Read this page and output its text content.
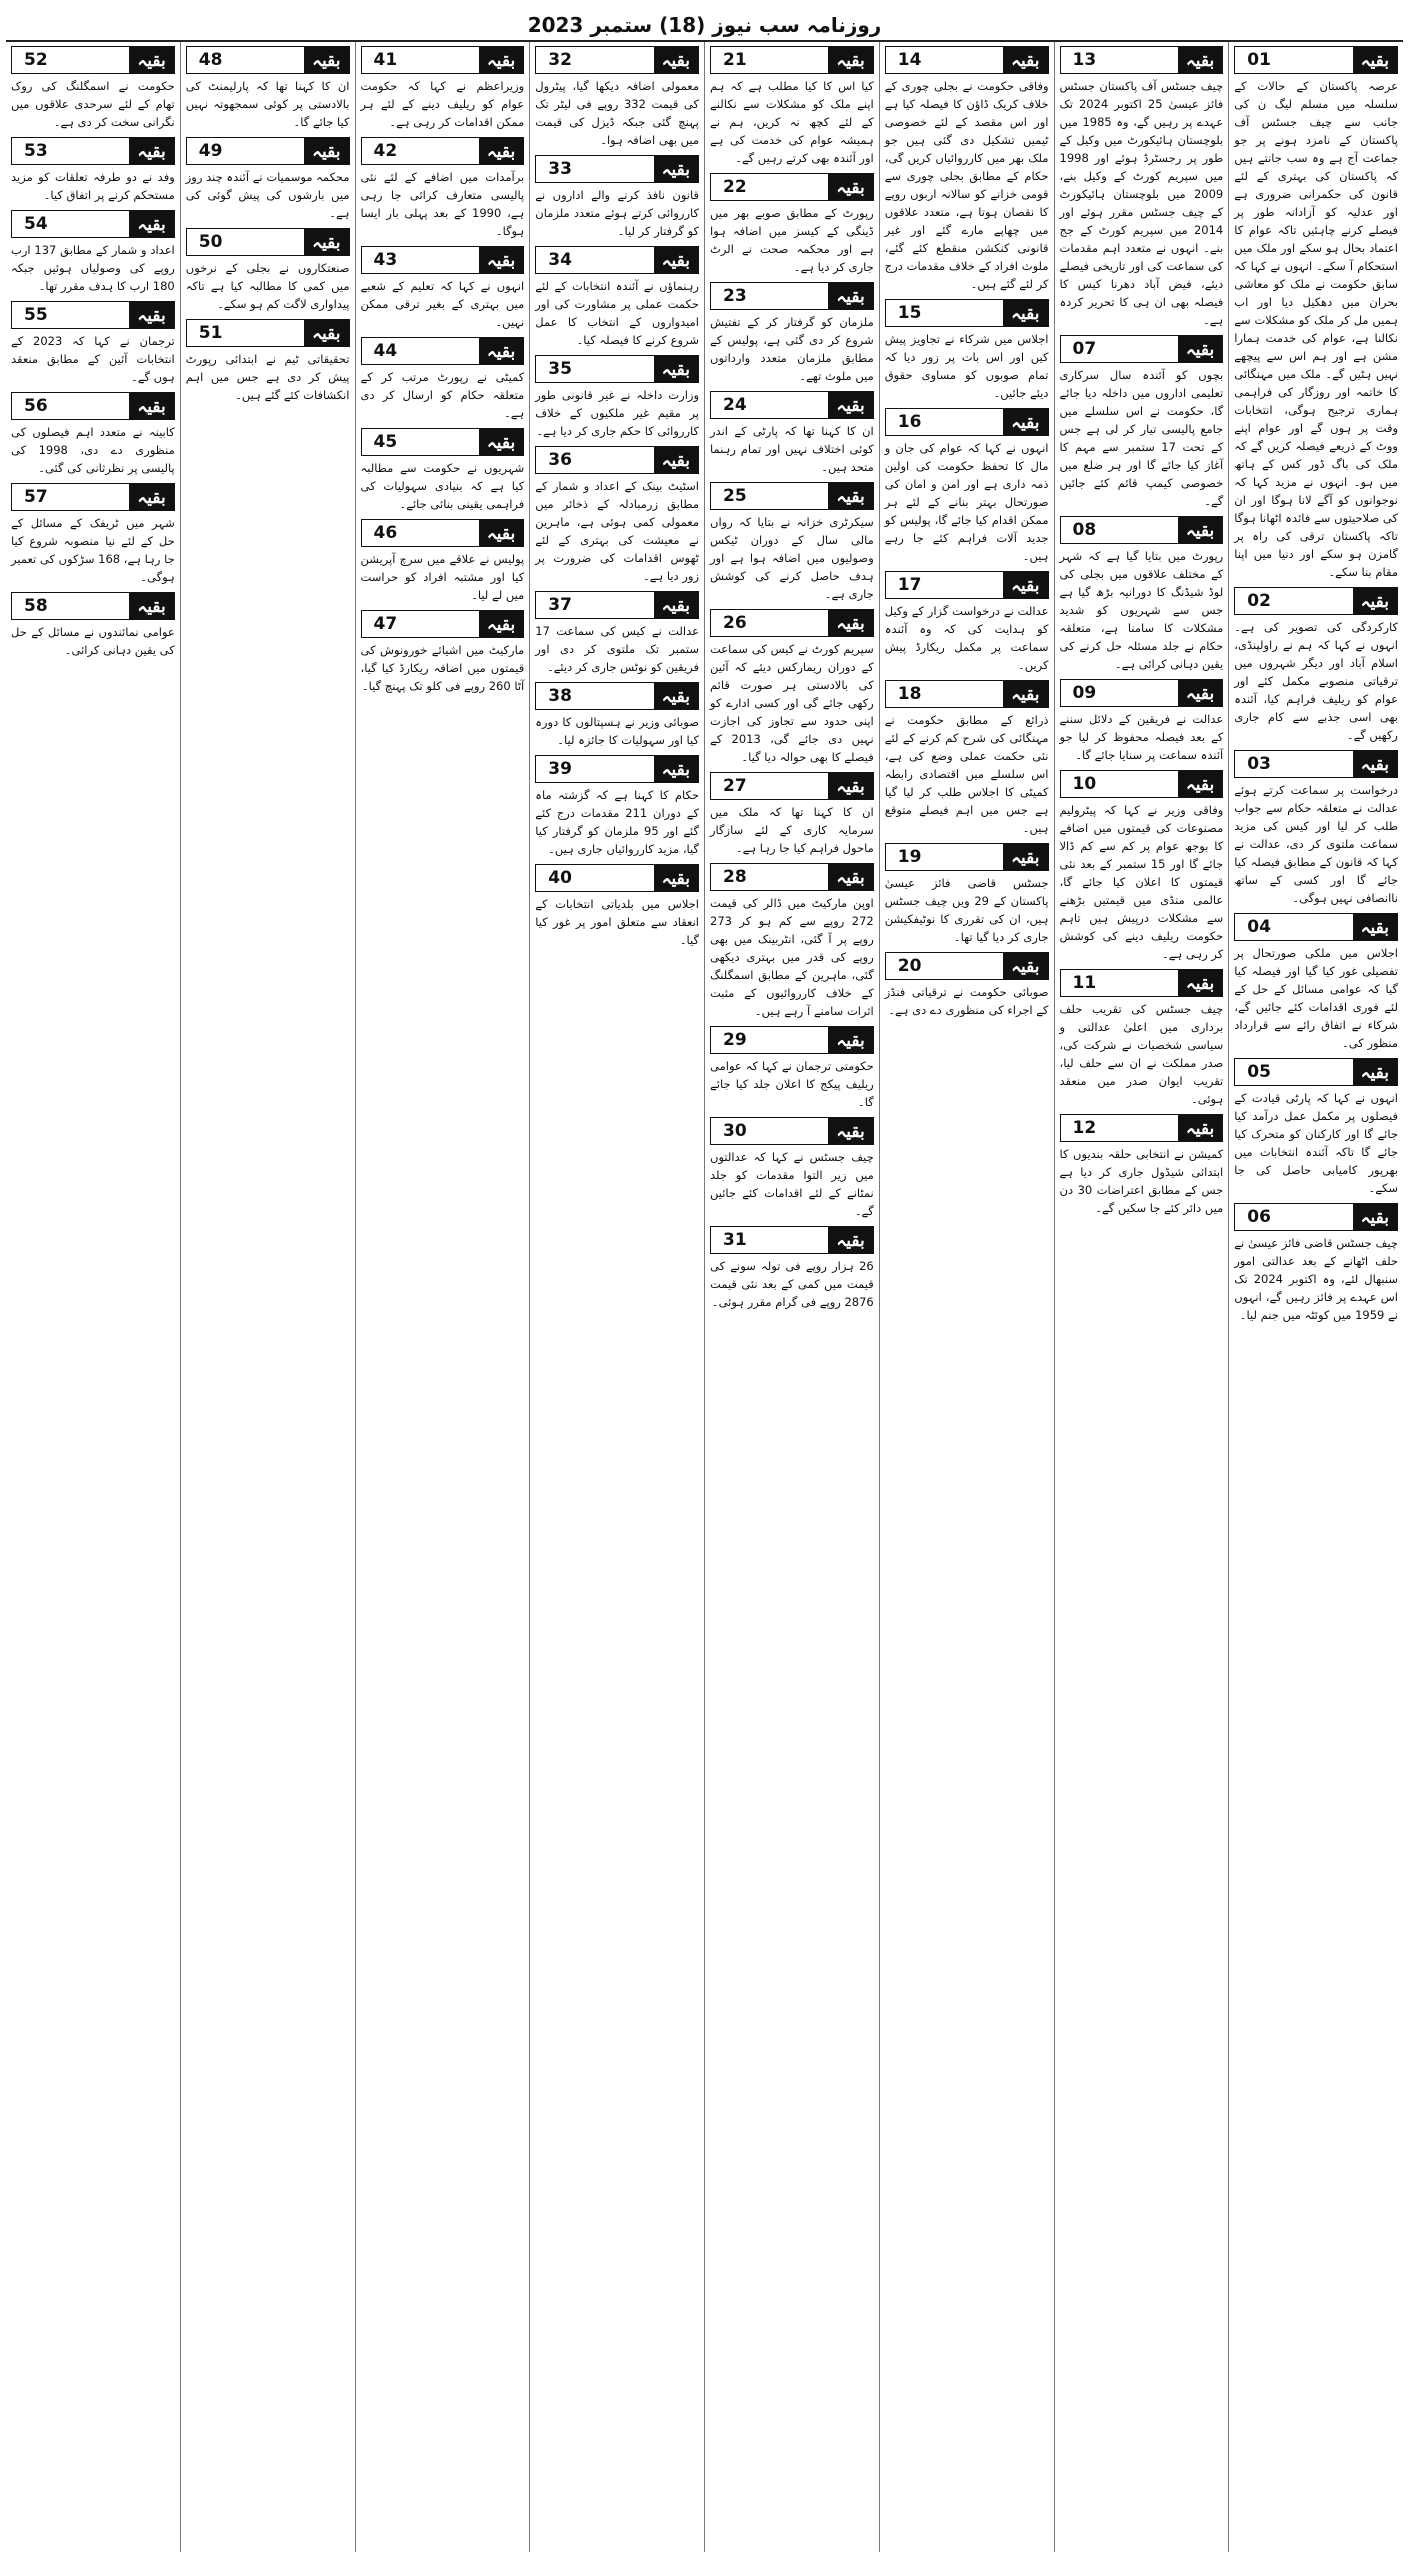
روزنامہ سب نیوز (18) ستمبر 2023
بقیہ
01
عرصہ پاکستان کے حالات کے سلسلہ میں مسلم لیگ ن کی جانب سے چیف جسٹس آف پاکستان کے نامزد ہونے پر جو جماعت آج ہے وہ سب جانتے ہیں کہ پاکستان کی بہتری کے لئے قانون کی حکمرانی ضروری ہے اور عدلیہ کو آزادانہ طور پر فیصلے کرنے چاہئیں تاکہ عوام کا اعتماد بحال ہو سکے اور ملک میں استحکام آ سکے۔ انہوں نے کہا کہ سابق حکومت نے ملک کو معاشی بحران میں دھکیل دیا اور اب ہمیں مل کر ملک کو مشکلات سے نکالنا ہے، عوام کی خدمت ہمارا مشن ہے اور ہم اس سے پیچھے نہیں ہٹیں گے۔ ملک میں مہنگائی کا خاتمہ اور روزگار کی فراہمی ہماری ترجیح ہوگی، انتخابات وقت پر ہوں گے اور عوام اپنے ووٹ کے ذریعے فیصلہ کریں گے کہ ملک کی باگ ڈور کس کے ہاتھ میں ہو۔ انہوں نے مزید کہا کہ نوجوانوں کو آگے لانا ہوگا اور ان کی صلاحیتوں سے فائدہ اٹھانا ہوگا تاکہ پاکستان ترقی کی راہ پر گامزن ہو سکے اور دنیا میں اپنا مقام بنا سکے۔
بقیہ
02
کارکردگی کی تصویر کی ہے۔ انہوں نے کہا کہ ہم نے راولپنڈی، اسلام آباد اور دیگر شہروں میں ترقیاتی منصوبے مکمل کئے اور عوام کو ریلیف فراہم کیا، آئندہ بھی اسی جذبے سے کام جاری رکھیں گے۔
بقیہ
03
درخواست پر سماعت کرتے ہوئے عدالت نے متعلقہ حکام سے جواب طلب کر لیا اور کیس کی مزید سماعت ملتوی کر دی، عدالت نے کہا کہ قانون کے مطابق فیصلہ کیا جائے گا اور کسی کے ساتھ ناانصافی نہیں ہوگی۔
بقیہ
04
اجلاس میں ملکی صورتحال پر تفصیلی غور کیا گیا اور فیصلہ کیا گیا کہ عوامی مسائل کے حل کے لئے فوری اقدامات کئے جائیں گے، شرکاء نے اتفاق رائے سے قرارداد منظور کی۔
بقیہ
05
انہوں نے کہا کہ پارٹی قیادت کے فیصلوں پر مکمل عمل درآمد کیا جائے گا اور کارکنان کو متحرک کیا جائے گا تاکہ آئندہ انتخابات میں بھرپور کامیابی حاصل کی جا سکے۔
بقیہ
06
چیف جسٹس قاضی فائز عیسیٰ نے حلف اٹھانے کے بعد عدالتی امور سنبھال لئے، وہ اکتوبر 2024 تک اس عہدے پر فائز رہیں گے، انہوں نے 1959 میں کوئٹہ میں جنم لیا۔
بقیہ
13
چیف جسٹس آف پاکستان جسٹس فائز عیسیٰ 25 اکتوبر 2024 تک عہدے پر رہیں گے، وہ 1985 میں بلوچستان ہائیکورٹ میں وکیل کے طور پر رجسٹرڈ ہوئے اور 1998 میں سپریم کورٹ کے وکیل بنے، 2009 میں بلوچستان ہائیکورٹ کے چیف جسٹس مقرر ہوئے اور 2014 میں سپریم کورٹ کے جج بنے۔ انہوں نے متعدد اہم مقدمات کی سماعت کی اور تاریخی فیصلے دیئے، فیض آباد دھرنا کیس کا فیصلہ بھی ان ہی کا تحریر کردہ ہے۔
بقیہ
07
بچوں کو آئندہ سال سرکاری تعلیمی اداروں میں داخلہ دیا جائے گا، حکومت نے اس سلسلے میں جامع پالیسی تیار کر لی ہے جس کے تحت 17 ستمبر سے مہم کا آغاز کیا جائے گا اور ہر ضلع میں خصوصی کیمپ قائم کئے جائیں گے۔
بقیہ
08
رپورٹ میں بتایا گیا ہے کہ شہر کے مختلف علاقوں میں بجلی کی لوڈ شیڈنگ کا دورانیہ بڑھ گیا ہے جس سے شہریوں کو شدید مشکلات کا سامنا ہے، متعلقہ حکام نے جلد مسئلہ حل کرنے کی یقین دہانی کرائی ہے۔
بقیہ
09
عدالت نے فریقین کے دلائل سننے کے بعد فیصلہ محفوظ کر لیا جو آئندہ سماعت پر سنایا جائے گا۔
بقیہ
10
وفاقی وزیر نے کہا کہ پیٹرولیم مصنوعات کی قیمتوں میں اضافے کا بوجھ عوام پر کم سے کم ڈالا جائے گا اور 15 ستمبر کے بعد نئی قیمتوں کا اعلان کیا جائے گا، عالمی منڈی میں قیمتیں بڑھنے سے مشکلات درپیش ہیں تاہم حکومت ریلیف دینے کی کوشش کر رہی ہے۔
بقیہ
11
چیف جسٹس کی تقریب حلف برداری میں اعلیٰ عدالتی و سیاسی شخصیات نے شرکت کی، صدر مملکت نے ان سے حلف لیا، تقریب ایوان صدر میں منعقد ہوئی۔
بقیہ
12
کمیشن نے انتخابی حلقہ بندیوں کا ابتدائی شیڈول جاری کر دیا ہے جس کے مطابق اعتراضات 30 دن میں دائر کئے جا سکیں گے۔
بقیہ
14
وفاقی حکومت نے بجلی چوری کے خلاف کریک ڈاؤن کا فیصلہ کیا ہے اور اس مقصد کے لئے خصوصی ٹیمیں تشکیل دی گئی ہیں جو ملک بھر میں کارروائیاں کریں گی، حکام کے مطابق بجلی چوری سے قومی خزانے کو سالانہ اربوں روپے کا نقصان ہوتا ہے، متعدد علاقوں میں چھاپے مارے گئے اور غیر قانونی کنکشن منقطع کئے گئے، ملوث افراد کے خلاف مقدمات درج کر لئے گئے ہیں۔
بقیہ
15
اجلاس میں شرکاء نے تجاویز پیش کیں اور اس بات پر زور دیا کہ تمام صوبوں کو مساوی حقوق دیئے جائیں۔
بقیہ
16
انہوں نے کہا کہ عوام کی جان و مال کا تحفظ حکومت کی اولین ذمہ داری ہے اور امن و امان کی صورتحال بہتر بنانے کے لئے ہر ممکن اقدام کیا جائے گا، پولیس کو جدید آلات فراہم کئے جا رہے ہیں۔
بقیہ
17
عدالت نے درخواست گزار کے وکیل کو ہدایت کی کہ وہ آئندہ سماعت پر مکمل ریکارڈ پیش کریں۔
بقیہ
18
ذرائع کے مطابق حکومت نے مہنگائی کی شرح کم کرنے کے لئے نئی حکمت عملی وضع کی ہے، اس سلسلے میں اقتصادی رابطہ کمیٹی کا اجلاس طلب کر لیا گیا ہے جس میں اہم فیصلے متوقع ہیں۔
بقیہ
19
جسٹس قاضی فائز عیسیٰ پاکستان کے 29 ویں چیف جسٹس ہیں، ان کی تقرری کا نوٹیفکیشن جاری کر دیا گیا تھا۔
بقیہ
20
صوبائی حکومت نے ترقیاتی فنڈز کے اجراء کی منظوری دے دی ہے۔
بقیہ
21
کیا اس کا کیا مطلب ہے کہ ہم اپنے ملک کو مشکلات سے نکالنے کے لئے کچھ نہ کریں، ہم نے ہمیشہ عوام کی خدمت کی ہے اور آئندہ بھی کرتے رہیں گے۔
بقیہ
22
رپورٹ کے مطابق صوبے بھر میں ڈینگی کے کیسز میں اضافہ ہوا ہے اور محکمہ صحت نے الرٹ جاری کر دیا ہے۔
بقیہ
23
ملزمان کو گرفتار کر کے تفتیش شروع کر دی گئی ہے، پولیس کے مطابق ملزمان متعدد وارداتوں میں ملوث تھے۔
بقیہ
24
ان کا کہنا تھا کہ پارٹی کے اندر کوئی اختلاف نہیں اور تمام رہنما متحد ہیں۔
بقیہ
25
سیکرٹری خزانہ نے بتایا کہ رواں مالی سال کے دوران ٹیکس وصولیوں میں اضافہ ہوا ہے اور ہدف حاصل کرنے کی کوشش جاری ہے۔
بقیہ
26
سپریم کورٹ نے کیس کی سماعت کے دوران ریمارکس دیئے کہ آئین کی بالادستی ہر صورت قائم رکھی جائے گی اور کسی ادارے کو اپنی حدود سے تجاوز کی اجازت نہیں دی جائے گی، 2013 کے فیصلے کا بھی حوالہ دیا گیا۔
بقیہ
27
ان کا کہنا تھا کہ ملک میں سرمایہ کاری کے لئے سازگار ماحول فراہم کیا جا رہا ہے۔
بقیہ
28
اوپن مارکیٹ میں ڈالر کی قیمت 272 روپے سے کم ہو کر 273 روپے پر آ گئی، انٹربینک میں بھی روپے کی قدر میں بہتری دیکھی گئی، ماہرین کے مطابق اسمگلنگ کے خلاف کارروائیوں کے مثبت اثرات سامنے آ رہے ہیں۔
بقیہ
29
حکومتی ترجمان نے کہا کہ عوامی ریلیف پیکج کا اعلان جلد کیا جائے گا۔
بقیہ
30
چیف جسٹس نے کہا کہ عدالتوں میں زیر التوا مقدمات کو جلد نمٹانے کے لئے اقدامات کئے جائیں گے۔
بقیہ
31
26 ہزار روپے فی تولہ سونے کی قیمت میں کمی کے بعد نئی قیمت 2876 روپے فی گرام مقرر ہوئی۔
بقیہ
32
معمولی اضافہ دیکھا گیا، پیٹرول کی قیمت 332 روپے فی لیٹر تک پہنچ گئی جبکہ ڈیزل کی قیمت میں بھی اضافہ ہوا۔
بقیہ
33
قانون نافذ کرنے والے اداروں نے کارروائی کرتے ہوئے متعدد ملزمان کو گرفتار کر لیا۔
بقیہ
34
رہنماؤں نے آئندہ انتخابات کے لئے حکمت عملی پر مشاورت کی اور امیدواروں کے انتخاب کا عمل شروع کرنے کا فیصلہ کیا۔
بقیہ
35
وزارت داخلہ نے غیر قانونی طور پر مقیم غیر ملکیوں کے خلاف کارروائی کا حکم جاری کر دیا ہے۔
بقیہ
36
اسٹیٹ بینک کے اعداد و شمار کے مطابق زرمبادلہ کے ذخائر میں معمولی کمی ہوئی ہے، ماہرین نے معیشت کی بہتری کے لئے ٹھوس اقدامات کی ضرورت پر زور دیا ہے۔
بقیہ
37
عدالت نے کیس کی سماعت 17 ستمبر تک ملتوی کر دی اور فریقین کو نوٹس جاری کر دیئے۔
بقیہ
38
صوبائی وزیر نے ہسپتالوں کا دورہ کیا اور سہولیات کا جائزہ لیا۔
بقیہ
39
حکام کا کہنا ہے کہ گزشتہ ماہ کے دوران 211 مقدمات درج کئے گئے اور 95 ملزمان کو گرفتار کیا گیا، مزید کارروائیاں جاری ہیں۔
بقیہ
40
اجلاس میں بلدیاتی انتخابات کے انعقاد سے متعلق امور پر غور کیا گیا۔
بقیہ
41
وزیراعظم نے کہا کہ حکومت عوام کو ریلیف دینے کے لئے ہر ممکن اقدامات کر رہی ہے۔
بقیہ
42
برآمدات میں اضافے کے لئے نئی پالیسی متعارف کرائی جا رہی ہے، 1990 کے بعد پہلی بار ایسا ہوگا۔
بقیہ
43
انہوں نے کہا کہ تعلیم کے شعبے میں بہتری کے بغیر ترقی ممکن نہیں۔
بقیہ
44
کمیٹی نے رپورٹ مرتب کر کے متعلقہ حکام کو ارسال کر دی ہے۔
بقیہ
45
شہریوں نے حکومت سے مطالبہ کیا ہے کہ بنیادی سہولیات کی فراہمی یقینی بنائی جائے۔
بقیہ
46
پولیس نے علاقے میں سرچ آپریشن کیا اور مشتبہ افراد کو حراست میں لے لیا۔
بقیہ
47
مارکیٹ میں اشیائے خورونوش کی قیمتوں میں اضافہ ریکارڈ کیا گیا، آٹا 260 روپے فی کلو تک پہنچ گیا۔
بقیہ
48
ان کا کہنا تھا کہ پارلیمنٹ کی بالادستی پر کوئی سمجھوتہ نہیں کیا جائے گا۔
بقیہ
49
محکمہ موسمیات نے آئندہ چند روز میں بارشوں کی پیش گوئی کی ہے۔
بقیہ
50
صنعتکاروں نے بجلی کے نرخوں میں کمی کا مطالبہ کیا ہے تاکہ پیداواری لاگت کم ہو سکے۔
بقیہ
51
تحقیقاتی ٹیم نے ابتدائی رپورٹ پیش کر دی ہے جس میں اہم انکشافات کئے گئے ہیں۔
بقیہ
52
حکومت نے اسمگلنگ کی روک تھام کے لئے سرحدی علاقوں میں نگرانی سخت کر دی ہے۔
بقیہ
53
وفد نے دو طرفہ تعلقات کو مزید مستحکم کرنے پر اتفاق کیا۔
بقیہ
54
اعداد و شمار کے مطابق 137 ارب روپے کی وصولیاں ہوئیں جبکہ 180 ارب کا ہدف مقرر تھا۔
بقیہ
55
ترجمان نے کہا کہ 2023 کے انتخابات آئین کے مطابق منعقد ہوں گے۔
بقیہ
56
کابینہ نے متعدد اہم فیصلوں کی منظوری دے دی، 1998 کی پالیسی پر نظرثانی کی گئی۔
بقیہ
57
شہر میں ٹریفک کے مسائل کے حل کے لئے نیا منصوبہ شروع کیا جا رہا ہے، 168 سڑکوں کی تعمیر ہوگی۔
بقیہ
58
عوامی نمائندوں نے مسائل کے حل کی یقین دہانی کرائی۔
